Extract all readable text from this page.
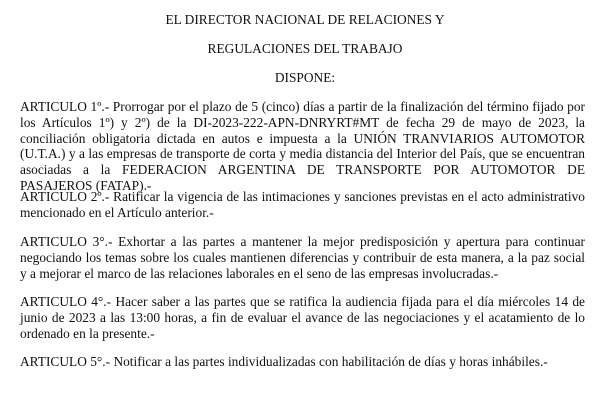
EL DIRECTOR NACIONAL DE RELACIONES Y
REGULACIONES DEL TRABAJO
DISPONE:

ARTICULO 1º.- Prorrogar por el plazo de 5 (cinco) días a partir de la finalización del término fijado por los Artículos 1º) y 2º) de la DI-2023-222-APN-DNRYRT#MT de fecha 29 de mayo de 2023, la conciliación obligatoria dictada en autos e impuesta a la UNIÓN TRANVIARIOS AUTOMOTOR (U.T.A.) y a las empresas de transporte de corta y media distancia del Interior del País, que se encuentran asociadas a la FEDERACION ARGENTINA DE TRANSPORTE POR AUTOMOTOR DE PASAJEROS (FATAP).-

ARTICULO 2º.- Ratificar la vigencia de las intimaciones y sanciones previstas en el acto administrativo mencionado en el Artículo anterior.-

ARTICULO 3°.- Exhortar a las partes a mantener la mejor predisposición y apertura para continuar negociando los temas sobre los cuales mantienen diferencias y contribuir de esta manera, a la paz social y a mejorar el marco de las relaciones laborales en el seno de las empresas involucradas.-

ARTICULO 4°.- Hacer saber a las partes que se ratifica la audiencia fijada para el día miércoles 14 de junio de 2023 a las 13:00 horas, a fin de evaluar el avance de las negociaciones y el acatamiento de lo ordenado en la presente.-

ARTICULO 5°.- Notificar a las partes individualizadas con habilitación de días y horas inhábiles.-
